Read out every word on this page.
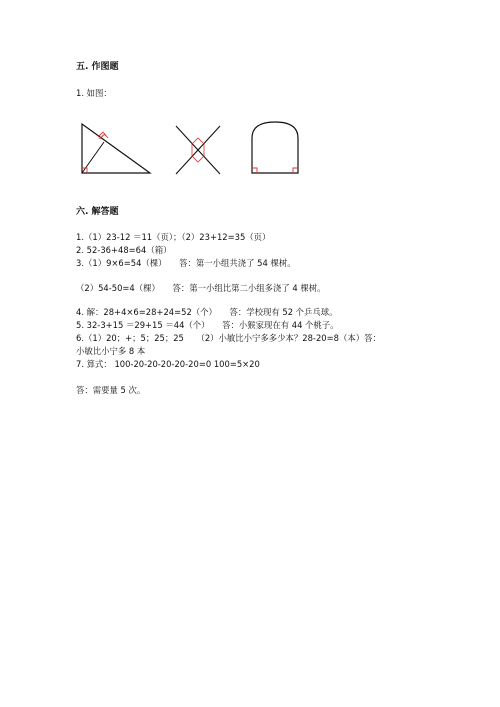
五. 作图题
1. 如图：
六. 解答题
1.（1）23-12 ＝11（页）；（2）23+12=35（页）
2. 52-36+48=64（箱）
3.（1）9×6=54（棵）　　答：第一小组共浇了 54 棵树。
（2）54-50=4（棵）　　答：第一小组比第二小组多浇了 4 棵树。
4. 解：28+4×6=28+24=52（个）　　答：学校现有 52 个乒乓球。
5. 32-3+15 ＝29+15 ＝44（个）　　答：小猴家现在有 44 个桃子。
6.（1）20；+；5；25；25　　（2）小敏比小宁多多少本？28-20=8（本）答：
小敏比小宁多 8 本
7. 算式： 100-20-20-20-20-20=0 100=5×20
答：需要量 5 次。
